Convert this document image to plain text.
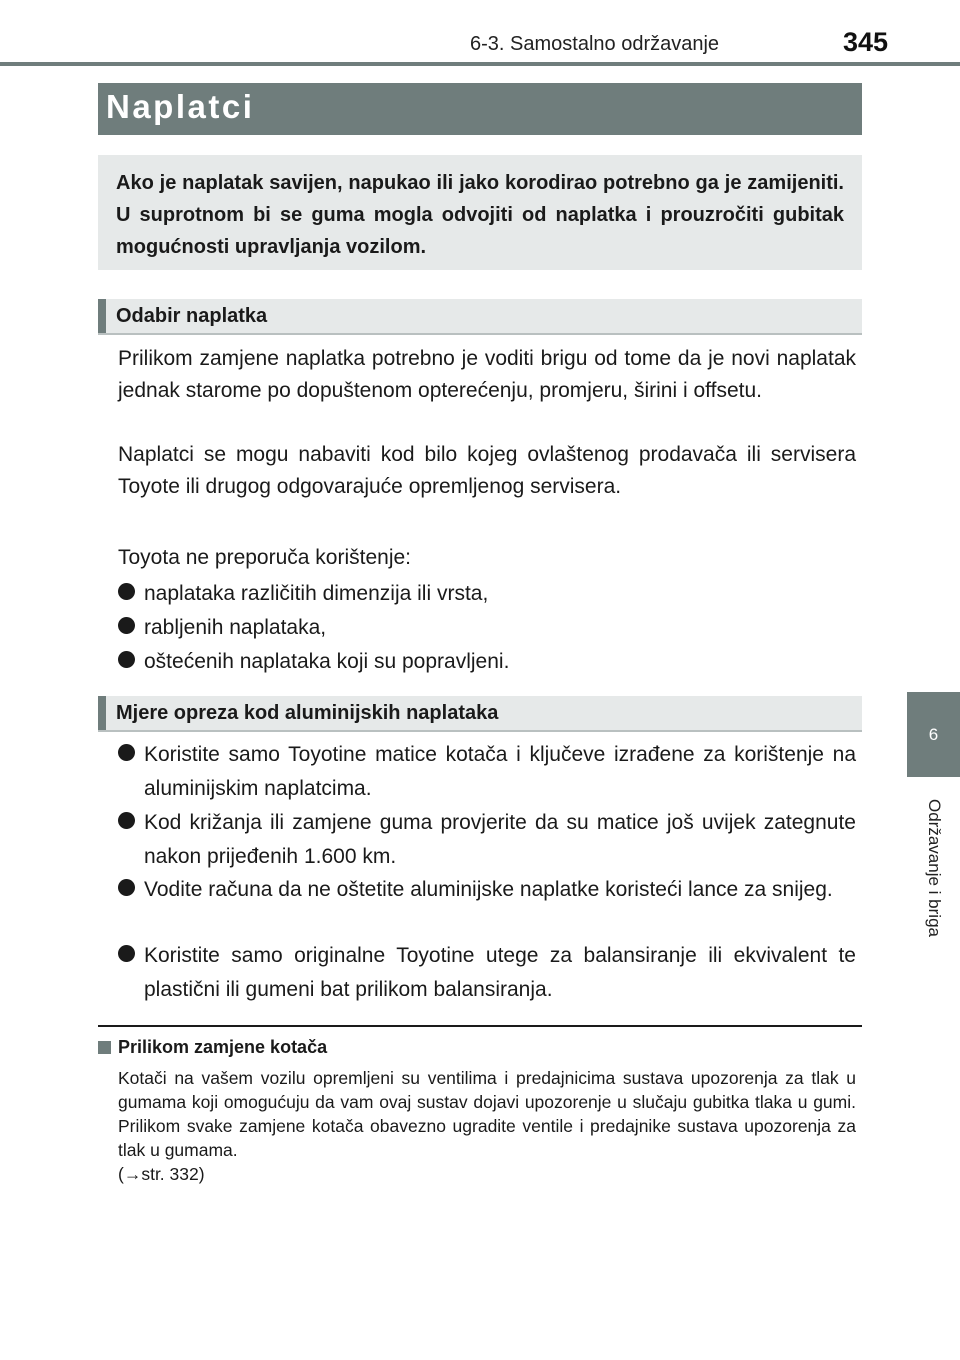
6-3. Samostalno održavanje	345
6
Održavanje i briga
Naplatci

Ako je naplatak savijen, napukao ili jako korodirao potrebno ga je zamijeniti. U suprotnom bi se guma mogla odvojiti od naplatka i prouzročiti gubitak mogućnosti upravljanja vozilom.

Odabir naplatka

Prilikom zamjene naplatka potrebno je voditi brigu od tome da je novi naplatak jednak starome po dopuštenom opterećenju, promjeru, širini i offsetu.

Naplatci se mogu nabaviti kod bilo kojeg ovlaštenog prodavača ili servisera Toyote ili drugog odgovarajuće opremljenog servisera.

Toyota ne preporuča korištenje:

naplataka različitih dimenzija ili vrsta,

rabljenih naplataka,

oštećenih naplataka koji su popravljeni.

Mjere opreza kod aluminijskih naplataka

Koristite samo Toyotine matice kotača i ključeve izrađene za korištenje na aluminijskim naplatcima.

Kod križanja ili zamjene guma provjerite da su matice još uvijek zategnute nakon prijeđenih 1.600 km.

Vodite računa da ne oštetite aluminijske naplatke koristeći lance za snijeg.

Koristite samo originalne Toyotine utege za balansiranje ili ekvivalent te plastični ili gumeni bat prilikom balansiranja.

Prilikom zamjene kotača

Kotači na vašem vozilu opremljeni su ventilima i predajnicima sustava upozorenja za tlak u gumama koji omogućuju da vam ovaj sustav dojavi upozorenje u slučaju gubitka tlaka u gumi. Prilikom svake zamjene kotača obavezno ugradite ventile i predajnike sustava upozorenja za tlak u gumama.

(→str. 332)
